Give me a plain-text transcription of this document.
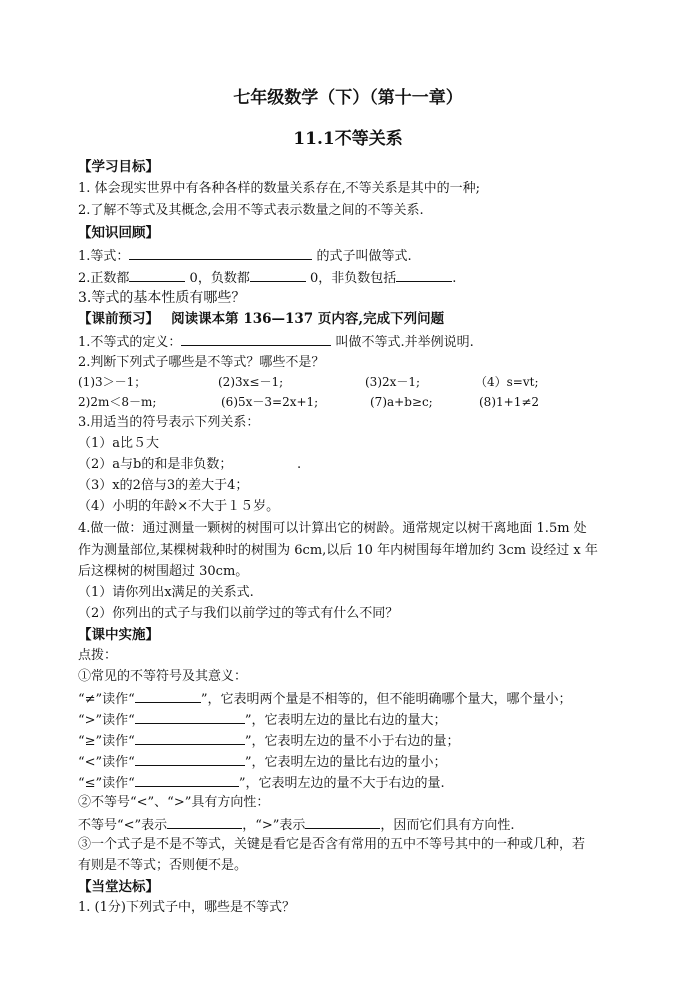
七年级数学（下）（第十一章）
11.1不等关系
【学习目标】
1. 体会现实世界中有各种各样的数量关系存在,不等关系是其中的一种;
2.了解不等式及其概念,会用不等式表示数量之间的不等关系.
【知识回顾】
1.等式：	的式子叫做等式.
2.正数都	0，负数都	0，非负数包括	.
3.等式的基本性质有哪些？
【课前预习】 阅读课本第 136—137 页内容,完成下列问题
1.不等式的定义：	叫做不等式.并举例说明.
2.判断下列式子哪些是不等式？哪些不是？
(1)3＞－1；	(2)3x≤－1;	(3)2x－1;	（4）s=vt;
2)2m＜8－m;	(6)5x－3=2x+1;	(7)a+b≥c;	(8)1+1≠2
3.用适当的符号表示下列关系：
（1）a比５大
（2）a与b的和是非负数；	.
（3）x的2倍与3的差大于4；
（4）小明的年龄×不大于１５岁。
4.做一做：通过测量一颗树的树围可以计算出它的树龄。通常规定以树干离地面 1.5m 处
作为测量部位,某棵树栽种时的树围为 6cm,以后 10 年内树围每年增加约 3cm 设经过 x 年
后这棵树的树围超过 30cm。
（1）请你列出x满足的关系式.
（2）你列出的式子与我们以前学过的等式有什么不同？
【课中实施】
点拨：
①常见的不等符号及其意义：
“≠”读作“	”，它表明两个量是不相等的，但不能明确哪个量大，哪个量小；
“>”读作“	”，它表明左边的量比右边的量大；
“≥”读作“	”，它表明左边的量不小于右边的量；
“<”读作“	”，它表明左边的量比右边的量小；
“≤”读作“	”，它表明左边的量不大于右边的量.
②不等号“<”、“>”具有方向性：
不等号“<”表示	，“>”表示	，因而它们具有方向性.
③一个式子是不是不等式，关键是看它是否含有常用的五中不等号其中的一种或几种，若
有则是不等式；否则便不是。
【当堂达标】
1. (1分)下列式子中，哪些是不等式？
